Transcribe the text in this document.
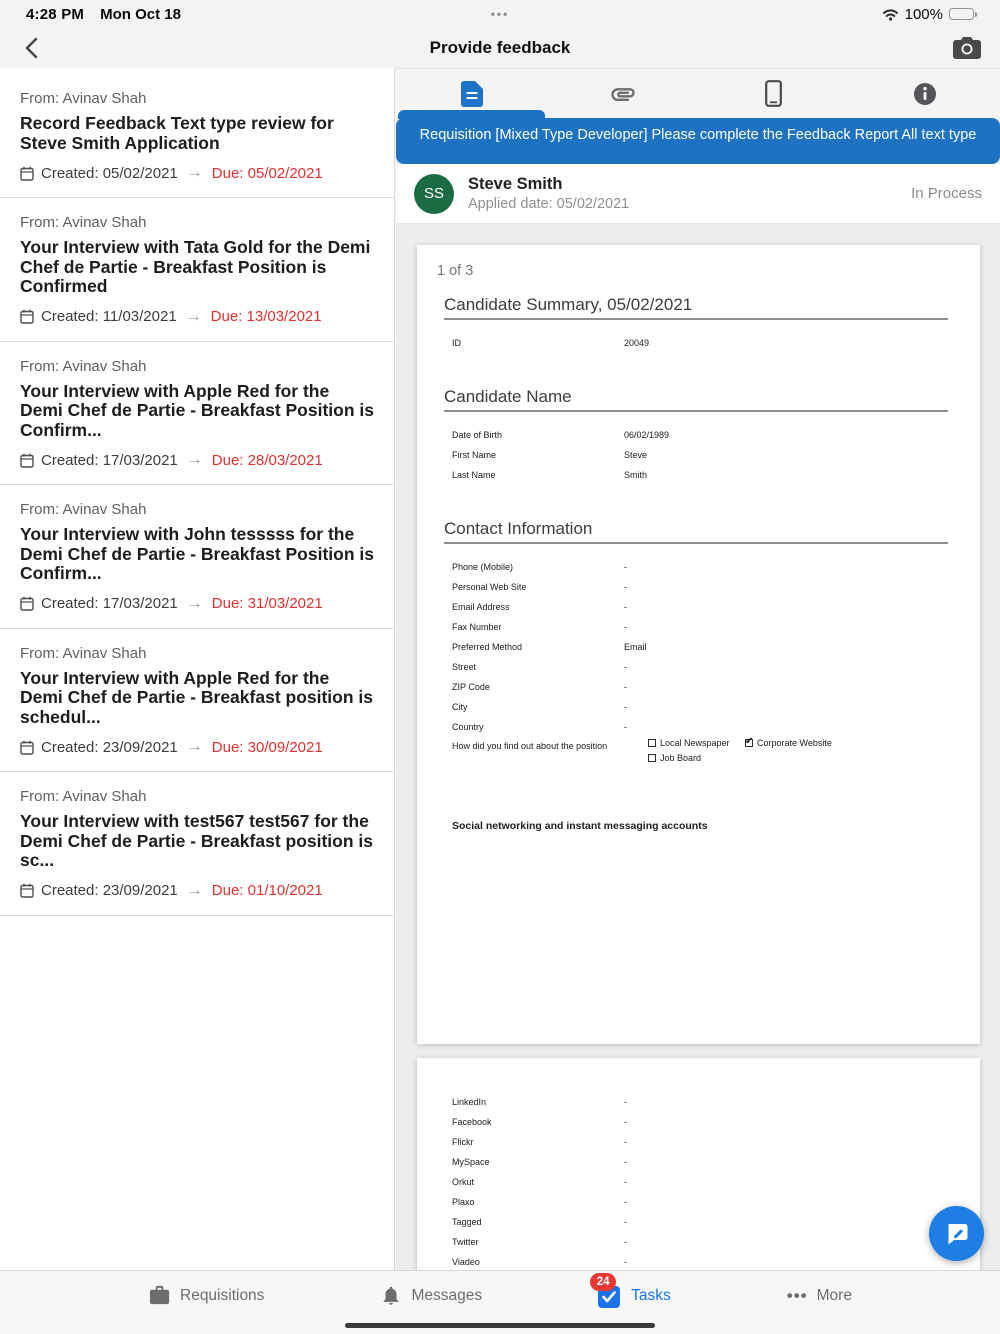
4:28 PM Mon Oct 18	•••	100%
Provide feedback
From: Avinav Shah
Record Feedback Text type review for Steve Smith Application
Created: 05/02/2021 → Due: 05/02/2021
From: Avinav Shah
Your Interview with Tata Gold for the Demi Chef de Partie - Breakfast Position is Confirmed
Created: 11/03/2021 → Due: 13/03/2021
From: Avinav Shah
Your Interview with Apple Red for the Demi Chef de Partie - Breakfast Position is Confirm...
Created: 17/03/2021 → Due: 28/03/2021
From: Avinav Shah
Your Interview with John tesssss for the Demi Chef de Partie - Breakfast Position is Confirm...
Created: 17/03/2021 → Due: 31/03/2021
From: Avinav Shah
Your Interview with Apple Red for the Demi Chef de Partie - Breakfast position is schedul...
Created: 23/09/2021 → Due: 30/09/2021
From: Avinav Shah
Your Interview with test567 test567 for the Demi Chef de Partie - Breakfast position is sc...
Created: 23/09/2021 → Due: 01/10/2021
Requisition [Mixed Type Developer] Please complete the Feedback Report All text type
SS
Steve Smith
Applied date: 05/02/2021
In Process
1 of 3
Candidate Summary, 05/02/2021
ID	20049
Candidate Name
Date of Birth	06/02/1989
First Name	Steve
Last Name	Smith
Contact Information
Phone (Mobile)	-
Personal Web Site	-
Email Address	-
Fax Number	-
Preferred Method	Email
Street	-
ZIP Code	-
City	-
Country	-
How did you find out about the position	Local Newspaper ✔	Corporate Website
Job Board
Social networking and instant messaging accounts
LinkedIn	-
Facebook	-
Flickr	-
MySpace	-
Orkut	-
Plaxo	-
Tagged	-
Twitter	-
Viadeo	-
Requisitions	Messages
24
Tasks	••• More
